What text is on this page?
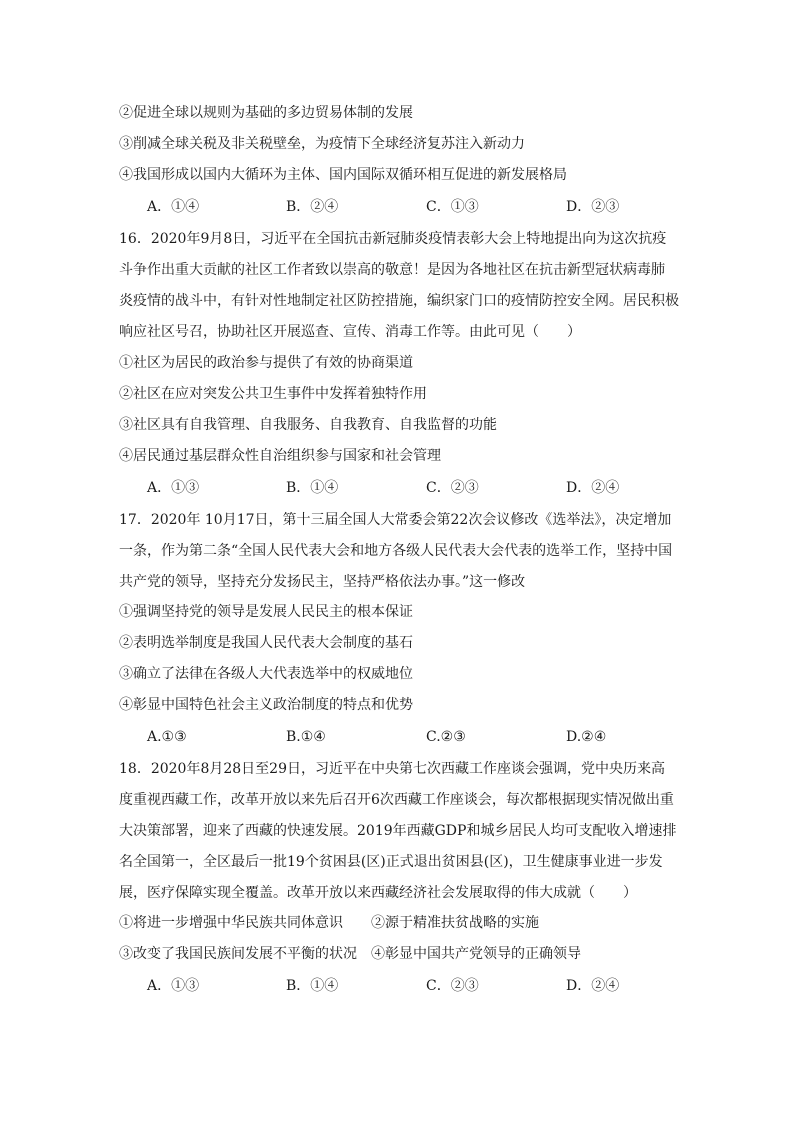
②促进全球以规则为基础的多边贸易体制的发展
③削减全球关税及非关税壁垒，为疫情下全球经济复苏注入新动力
④我国形成以国内大循环为主体、国内国际双循环相互促进的新发展格局
A．①④	B．②④	C．①③	D．②③
16．2020年9月8日，习近平在全国抗击新冠肺炎疫情表彰大会上特地提出向为这次抗疫
斗争作出重大贡献的社区工作者致以崇高的敬意！是因为各地社区在抗击新型冠状病毒肺
炎疫情的战斗中，有针对性地制定社区防控措施，编织家门口的疫情防控安全网。居民积极
响应社区号召，协助社区开展巡查、宣传、消毒工作等。由此可见（　　）
①社区为居民的政治参与提供了有效的协商渠道
②社区在应对突发公共卫生事件中发挥着独特作用
③社区具有自我管理、自我服务、自我教育、自我监督的功能
④居民通过基层群众性自治组织参与国家和社会管理
A．①③	B．①④	C．②③	D．②④
17．2020年 10月17日，第十三届全国人大常委会第22次会议修改《选举法》，决定增加
一条，作为第二条“全国人民代表大会和地方各级人民代表大会代表的选举工作，坚持中国
共产党的领导，坚持充分发扬民主，坚持严格依法办事。”这一修改
①强调坚持党的领导是发展人民民主的根本保证
②表明选举制度是我国人民代表大会制度的基石
③确立了法律在各级人大代表选举中的权威地位
④彰显中国特色社会主义政治制度的特点和优势
A.①③	B.①④	C.②③	D.②④
18．2020年8月28日至29日，习近平在中央第七次西藏工作座谈会强调，党中央历来高
度重视西藏工作，改革开放以来先后召开6次西藏工作座谈会，每次都根据现实情况做出重
大决策部署，迎来了西藏的快速发展。2019年西藏GDP和城乡居民人均可支配收入增速排
名全国第一，全区最后一批19个贫困县(区)正式退出贫困县(区)，卫生健康事业进一步发
展，医疗保障实现全覆盖。改革开放以来西藏经济社会发展取得的伟大成就（　　）
①将进一步增强中华民族共同体意识　　②源于精准扶贫战略的实施
③改变了我国民族间发展不平衡的状况　④彰显中国共产党领导的正确领导
A．①③	B．①④	C．②③	D．②④
